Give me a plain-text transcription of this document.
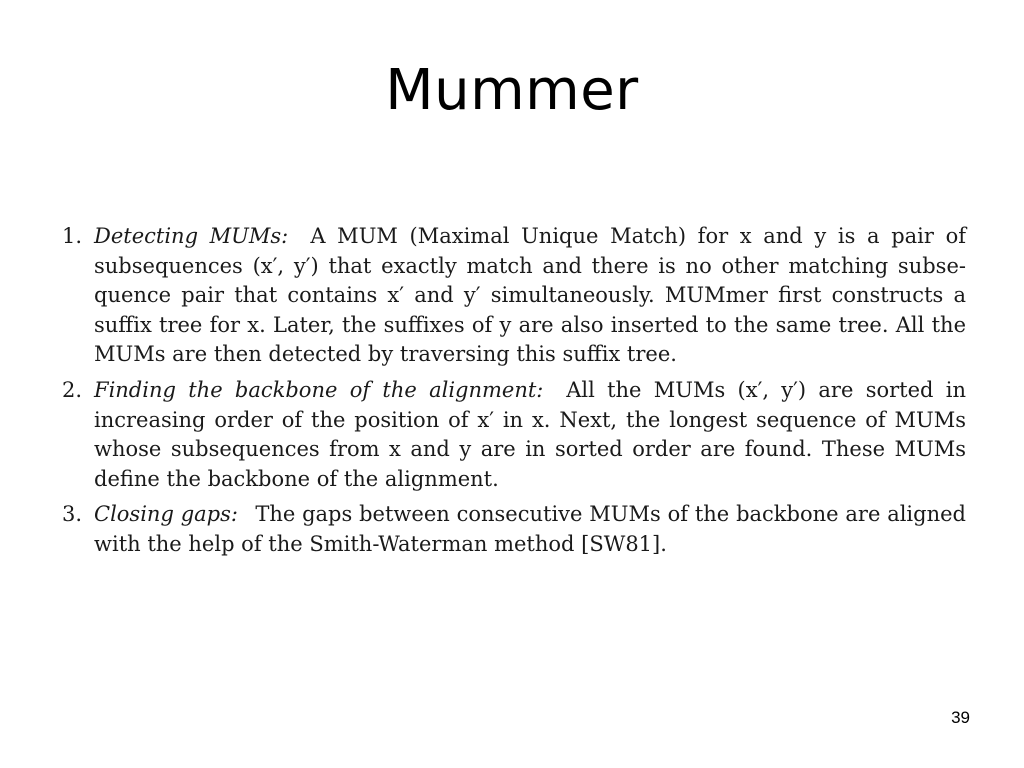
Mummer
1. Detecting MUMs:  A MUM (Maximal Unique Match) for x and y is a pair of subsequences (x′, y′) that exactly match and there is no other matching subsequence pair that contains x′ and y′ simultaneously. MUMmer first constructs a suffix tree for x. Later, the suffixes of y are also inserted to the same tree. All the MUMs are then detected by traversing this suffix tree.
2. Finding the backbone of the alignment:  All the MUMs (x′, y′) are sorted in increasing order of the position of x′ in x. Next, the longest sequence of MUMs whose subsequences from x and y are in sorted order are found. These MUMs define the backbone of the alignment.
3. Closing gaps:  The gaps between consecutive MUMs of the backbone are aligned with the help of the Smith-Waterman method [SW81].
39
